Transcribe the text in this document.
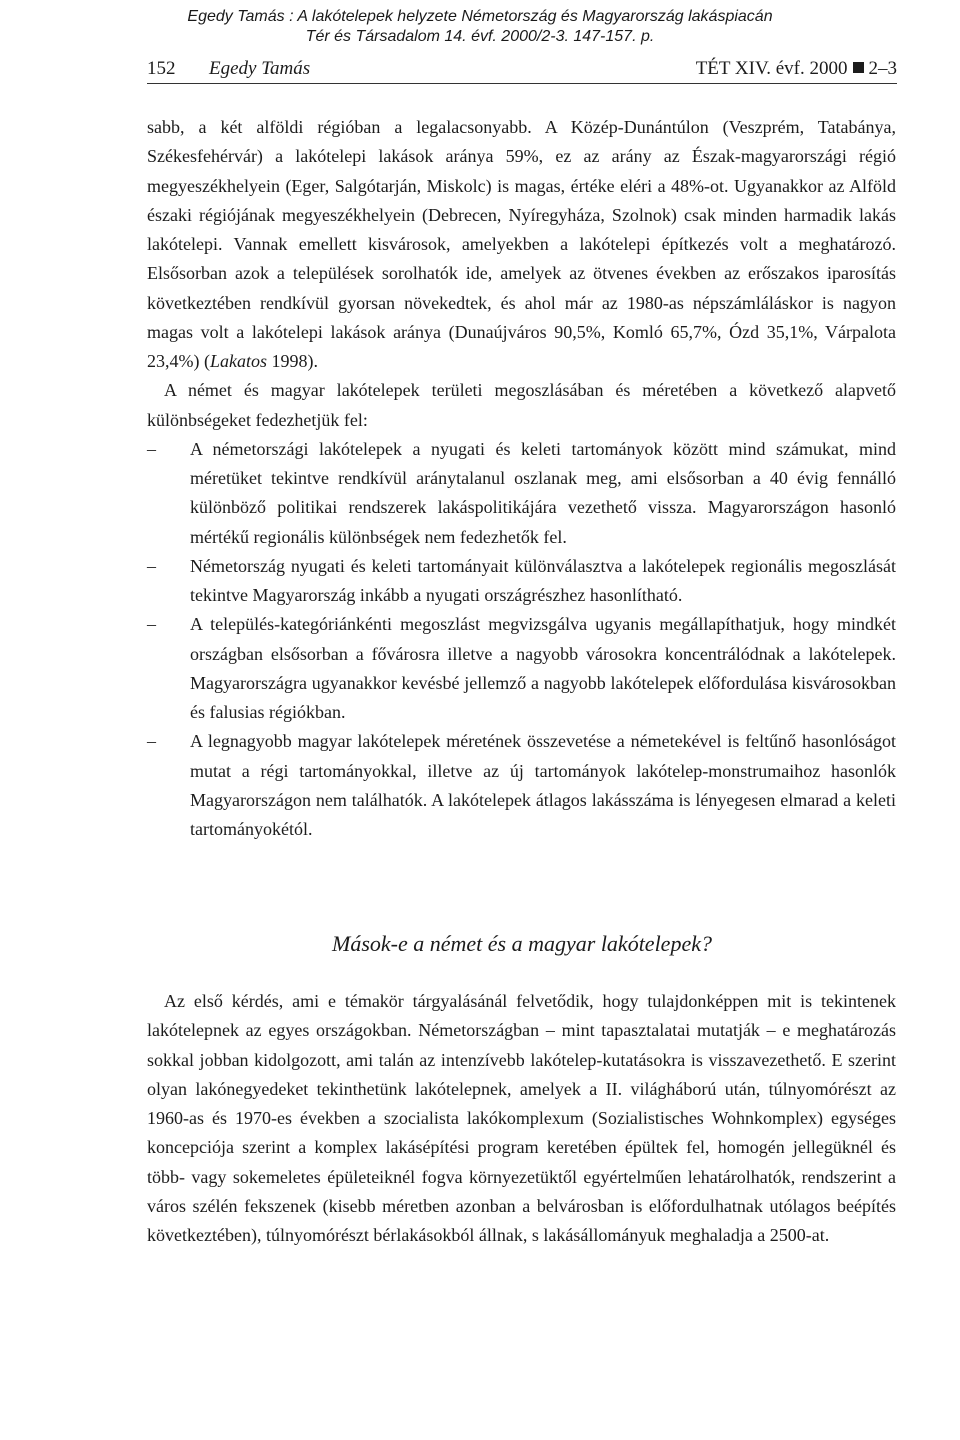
Egedy Tamás : A lakótelepek helyzete Németország és Magyarország lakáspiacán
Tér és Társadalom 14. évf. 2000/2-3. 147-157. p.
152 Egedy Tamás	TÉT XIV. évf. 2000 2–3

sabb, a két alföldi régióban a legalacsonyabb. A Közép-Dunántúlon (Veszprém, Tatabánya, Székesfehérvár) a lakótelepi lakások aránya 59%, ez az arány az Észak-magyarországi régió megyeszékhelyein (Eger, Salgótarján, Miskolc) is magas, értéke eléri a 48%-ot. Ugyanakkor az Alföld északi régiójának megyeszékhelyein (Debrecen, Nyíregyháza, Szolnok) csak minden harmadik lakás lakótelepi. Vannak emellett kisvárosok, amelyekben a lakótelepi építkezés volt a meghatározó. Elsősorban azok a települések sorolhatók ide, amelyek az ötvenes években az erőszakos iparosítás következtében rendkívül gyorsan növekedtek, és ahol már az 1980-as népszámláláskor is nagyon magas volt a lakótelepi lakások aránya (Dunaújváros 90,5%, Komló 65,7%, Ózd 35,1%, Várpalota 23,4%) (Lakatos 1998).

A német és magyar lakótelepek területi megoszlásában és méretében a következő alapvető különbségeket fedezhetjük fel:

– A németországi lakótelepek a nyugati és keleti tartományok között mind számukat, mind méretüket tekintve rendkívül aránytalanul oszlanak meg, ami elsősorban a 40 évig fennálló különböző politikai rendszerek lakáspolitikájára vezethető vissza. Magyarországon hasonló mértékű regionális különbségek nem fedezhetők fel.
– Németország nyugati és keleti tartományait különválasztva a lakótelepek regionális megoszlását tekintve Magyarország inkább a nyugati országrészhez hasonlítható.
– A település-kategóriánkénti megoszlást megvizsgálva ugyanis megállapíthatjuk, hogy mindkét országban elsősorban a fővárosra illetve a nagyobb városokra koncentrálódnak a lakótelepek. Magyarországra ugyanakkor kevésbé jellemző a nagyobb lakótelepek előfordulása kisvárosokban és falusias régiókban.
– A legnagyobb magyar lakótelepek méretének összevetése a németekével is feltűnő hasonlóságot mutat a régi tartományokkal, illetve az új tartományok lakótelep-monstrumaihoz hasonlók Magyarországon nem találhatók. A lakótelepek átlagos lakásszáma is lényegesen elmarad a keleti tartományokétól.
Mások-e a német és a magyar lakótelepek?

Az első kérdés, ami e témakör tárgyalásánál felvetődik, hogy tulajdonképpen mit is tekintenek lakótelepnek az egyes országokban. Németországban – mint tapasztalatai mutatják – e meghatározás sokkal jobban kidolgozott, ami talán az intenzívebb lakótelep-kutatásokra is visszavezethető. E szerint olyan lakónegyedeket tekinthetünk lakótelepnek, amelyek a II. világháború után, túlnyomórészt az 1960-as és 1970-es években a szocialista lakókomplexum (Sozialistisches Wohnkomplex) egységes koncepciója szerint a komplex lakásépítési program keretében épültek fel, homogén jellegüknél és több- vagy sokemeletes épületeiknél fogva környezetüktől egyértelműen lehatárolhatók, rendszerint a város szélén fekszenek (kisebb méretben azonban a belvárosban is előfordulhatnak utólagos beépítés következtében), túlnyomórészt bérlakásokból állnak, s lakásállományuk meghaladja a 2500-at.
